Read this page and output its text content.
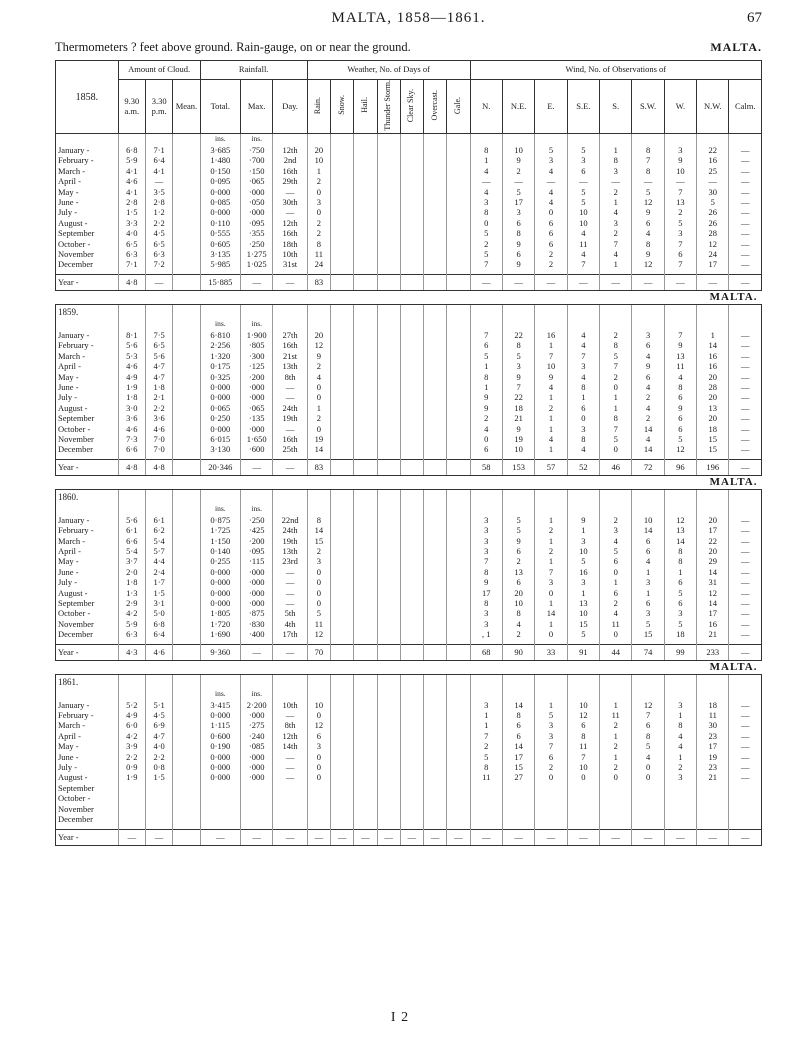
MALTA, 1858—1861.	67
Thermometers ? feet above ground. Rain-gauge, on or near the ground.	MALTA.
1858.	Amount of Cloud.			Rainfall.			Weather, No. of Days of							Wind, No. of Observations of								
	9.30 a.m.	3.30 p.m.	Mean.	Total.	Max.	Day.	Rain.	Snow.	Hail.	Thunder Storm.	Clear Sky.	Overcast.	Gale.	N.	N.E.	E.	S.E.	S.	S.W.	W.	N.W.	Calm.
				ins.	ins.																	
January -	6·8	7·1		3·685	·750	12th	20							8	10	5	5	1	8	3	22	—
February -	5·9	6·4		1·480	·700	2nd	10							1	9	3	3	8	7	9	16	—
March -	4·1	4·1		0·150	·150	16th	1							4	2	4	6	3	8	10	25	—
April -	4·6	—		0·095	·065	29th	2							—	—	—	—	—	—	—	—	—
May -	4·1	3·5		0·000	·000	—	0							4	5	4	5	2	5	7	30	—
June -	2·8	2·8		0·085	·050	30th	3							3	17	4	5	1	12	13	5	—
July -	1·5	1·2		0·000	·000	—	0							8	3	0	10	4	9	2	26	—
August -	3·3	2·2		0·110	·095	12th	2							0	6	6	10	3	6	5	26	—
September	4·0	4·5		0·555	·355	16th	2							5	8	6	4	2	4	3	28	—
October -	6·5	6·5		0·605	·250	18th	8							2	9	6	11	7	8	7	12	—
November	6·3	6·3		3·135	1·275	10th	11							5	6	2	4	4	9	6	24	—
December	7·1	7·2		5·985	1·025	31st	24							7	9	2	7	1	12	7	17	—

Year -	4·8	—		15·885	—	—	83							—	—	—	—	—	—	—	—	—
MALTA.																						
1859.																						
				ins.	ins.																	
January -	8·1	7·5		6·810	1·900	27th	20							7	22	16	4	2	3	7	1	—
February -	5·6	6·5		2·256	·805	16th	12							6	8	1	4	8	6	9	14	—
March -	5·3	5·6		1·320	·300	21st	9							5	5	7	7	5	4	13	16	—
April -	4·6	4·7		0·175	·125	13th	2							1	3	10	3	7	9	11	16	—
May -	4·9	4·7		0·325	·200	8th	4							8	9	9	4	2	6	4	20	—
June -	1·9	1·8		0·000	·000	—	0							1	7	4	8	0	4	8	28	—
July -	1·8	2·1		0·000	·000	—	0							9	22	1	1	1	2	6	20	—
August -	3·0	2·2		0·065	·065	24th	1							9	18	2	6	1	4	9	13	—
September	3·6	3·6		0·250	·135	19th	2							2	21	1	0	8	2	6	20	—
October -	4·6	4·6		0·000	·000	—	0							4	9	1	3	7	14	6	18	—
November	7·3	7·0		6·015	1·650	16th	19							0	19	4	8	5	4	5	15	—
December	6·6	7·0		3·130	·600	25th	14							6	10	1	4	0	14	12	15	—

Year -	4·8	4·8		20·346	—	—	83							58	153	57	52	46	72	96	196	—
MALTA.																						
1860.																						
				ins.	ins.																	
January -	5·6	6·1		0·875	·250	22nd	8							3	5	1	9	2	10	12	20	—
February -	6·1	6·2		1·725	·425	24th	14							3	5	2	1	3	14	13	17	—
March -	6·6	5·4		1·150	·200	19th	15							3	9	1	3	4	6	14	22	—
April -	5·4	5·7		0·140	·095	13th	2							3	6	2	10	5	6	8	20	—
May -	3·7	4·4		0·255	·115	23rd	3							7	2	1	5	6	4	8	29	—
June -	2·0	2·4		0·000	·000	—	0							8	13	7	16	0	1	1	14	—
July -	1·8	1·7		0·000	·000	—	0							9	6	3	3	1	3	6	31	—
August -	1·3	1·5		0·000	·000	—	0							17	20	0	1	6	1	5	12	—
September	2·9	3·1		0·000	·000	—	0							8	10	1	13	2	6	6	14	—
October -	4·2	5·0		1·805	·875	5th	5							3	8	14	10	4	3	3	17	—
November	5·9	6·8		1·720	·830	4th	11							3	4	1	15	11	5	5	16	—
December	6·3	6·4		1·690	·400	17th	12							, 1	2	0	5	0	15	18	21	—

Year -	4·3	4·6		9·360	—	—	70							68	90	33	91	44	74	99	233	—
MALTA.																						
1861.																						
				ins.	ins.																	
January -	5·2	5·1		3·415	2·200	10th	10							3	14	1	10	1	12	3	18	—
February -	4·9	4·5		0·000	·000	—	0							1	8	5	12	11	7	1	11	—
March -	6·0	6·9		1·115	·275	8th	12							1	6	3	6	2	6	8	30	—
April -	4·2	4·7		0·600	·240	12th	6							7	6	3	8	1	8	4	23	—
May -	3·9	4·0		0·190	·085	14th	3							2	14	7	11	2	5	4	17	—
June -	2·2	2·2		0·000	·000	—	0							5	17	6	7	1	4	1	19	—
July -	0·9	0·8		0·000	·000	—	0							8	15	2	10	2	0	2	23	—
August -	1·9	1·5		0·000	·000	—	0							11	27	0	0	0	0	3	21	—
September																						
October -																						
November																						
December																						

Year -	—	—		—	—	—	—	—	—	—	—	—	—	—	—	—	—	—	—	—	—	—
I 2
